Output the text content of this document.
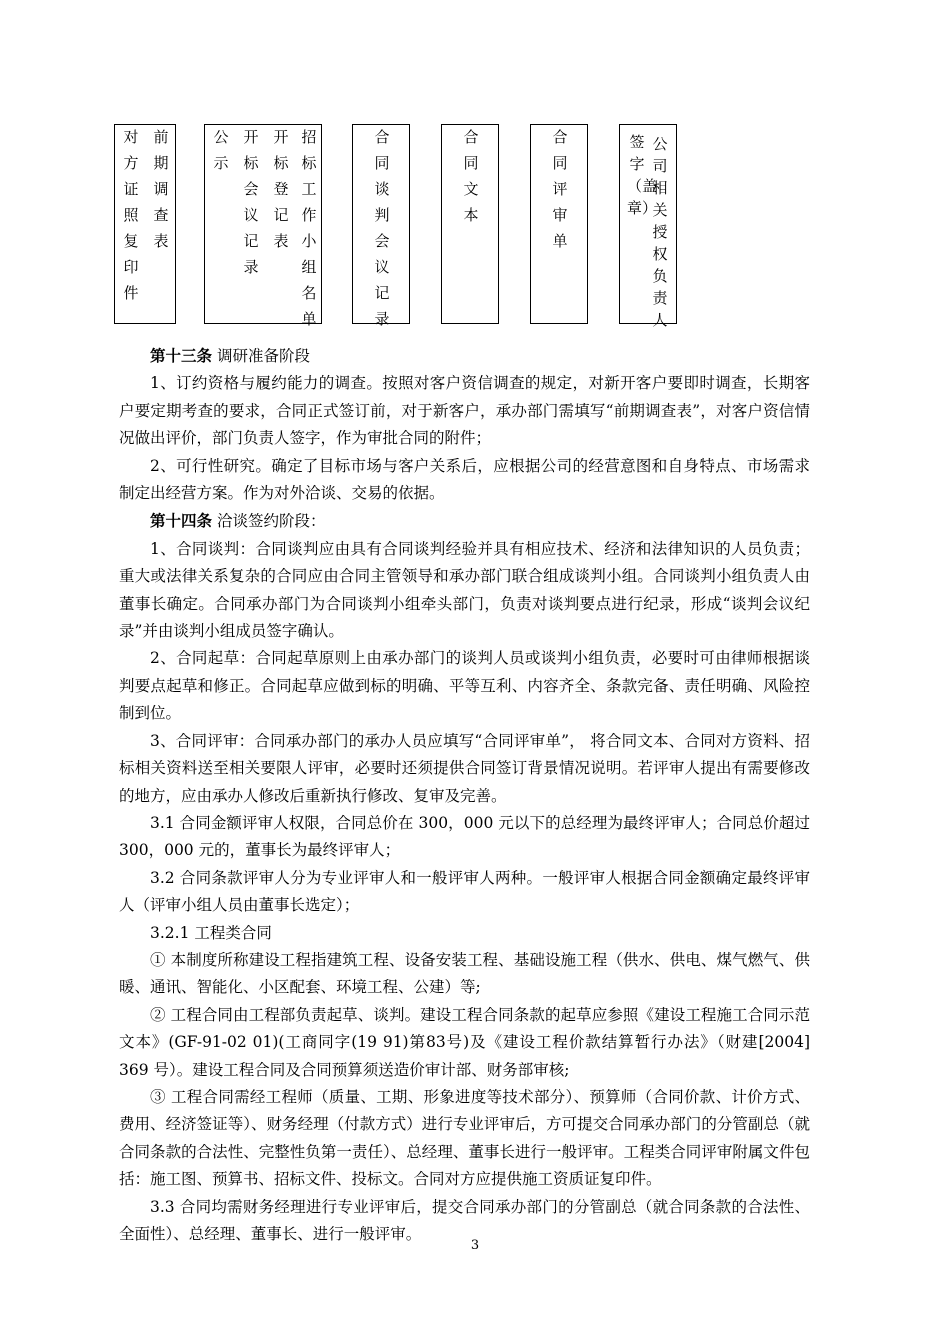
对方证照复印件
前期调查表
公示
开标会议记录
开标登记表
招标工作小组名单
合同谈判会议记录
合同文本
合同评审单
签字（盖章）
公司相关授权负责人

第十三条 调研准备阶段

1、订约资格与履约能力的调查。按照对客户资信调查的规定，对新开客户要即时调查，长期客户要定期考查的要求，合同正式签订前，对于新客户，承办部门需填写“前期调查表”，对客户资信情况做出评价，部门负责人签字，作为审批合同的附件；

2、可行性研究。确定了目标市场与客户关系后，应根据公司的经营意图和自身特点、市场需求制定出经营方案。作为对外洽谈、交易的依据。

第十四条 洽谈签约阶段：

1、合同谈判：合同谈判应由具有合同谈判经验并具有相应技术、经济和法律知识的人员负责；重大或法律关系复杂的合同应由合同主管领导和承办部门联合组成谈判小组。合同谈判小组负责人由董事长确定。合同承办部门为合同谈判小组牵头部门，负责对谈判要点进行纪录，形成“谈判会议纪录”并由谈判小组成员签字确认。

2、合同起草：合同起草原则上由承办部门的谈判人员或谈判小组负责，必要时可由律师根据谈判要点起草和修正。合同起草应做到标的明确、平等互利、内容齐全、条款完备、责任明确、风险控制到位。

3、合同评审：合同承办部门的承办人员应填写“合同评审单”， 将合同文本、合同对方资料、招标相关资料送至相关要限人评审，必要时还须提供合同签订背景情况说明。若评审人提出有需要修改的地方，应由承办人修改后重新执行修改、复审及完善。

3.1 合同金额评审人权限，合同总价在 300，000 元以下的总经理为最终评审人；合同总价超过 300，000 元的，董事长为最终评审人；

3.2 合同条款评审人分为专业评审人和一般评审人两种。一般评审人根据合同金额确定最终评审人（评审小组人员由董事长选定）；

3.2.1 工程类合同

① 本制度所称建设工程指建筑工程、设备安装工程、基础设施工程（供水、供电、煤气燃气、供暖、通讯、智能化、小区配套、环境工程、公建）等;

② 工程合同由工程部负责起草、谈判。建设工程合同条款的起草应参照《建设工程施工合同示范文本》(GF-91-02 01)(工商同字(19 91)第83号)及《建设工程价款结算暂行办法》（财建[2004] 369 号）。建设工程合同及合同预算须送造价审计部、财务部审核;

③ 工程合同需经工程师（质量、工期、形象进度等技术部分）、预算师（合同价款、计价方式、费用、经济签证等）、财务经理（付款方式）进行专业评审后，方可提交合同承办部门的分管副总（就合同条款的合法性、完整性负第一责任）、总经理、董事长进行一般评审。工程类合同评审附属文件包括：施工图、预算书、招标文件、投标文。合同对方应提供施工资质证复印件。

3.3 合同均需财务经理进行专业评审后，提交合同承办部门的分管副总（就合同条款的合法性、全面性）、总经理、董事长、进行一般评审。

3
